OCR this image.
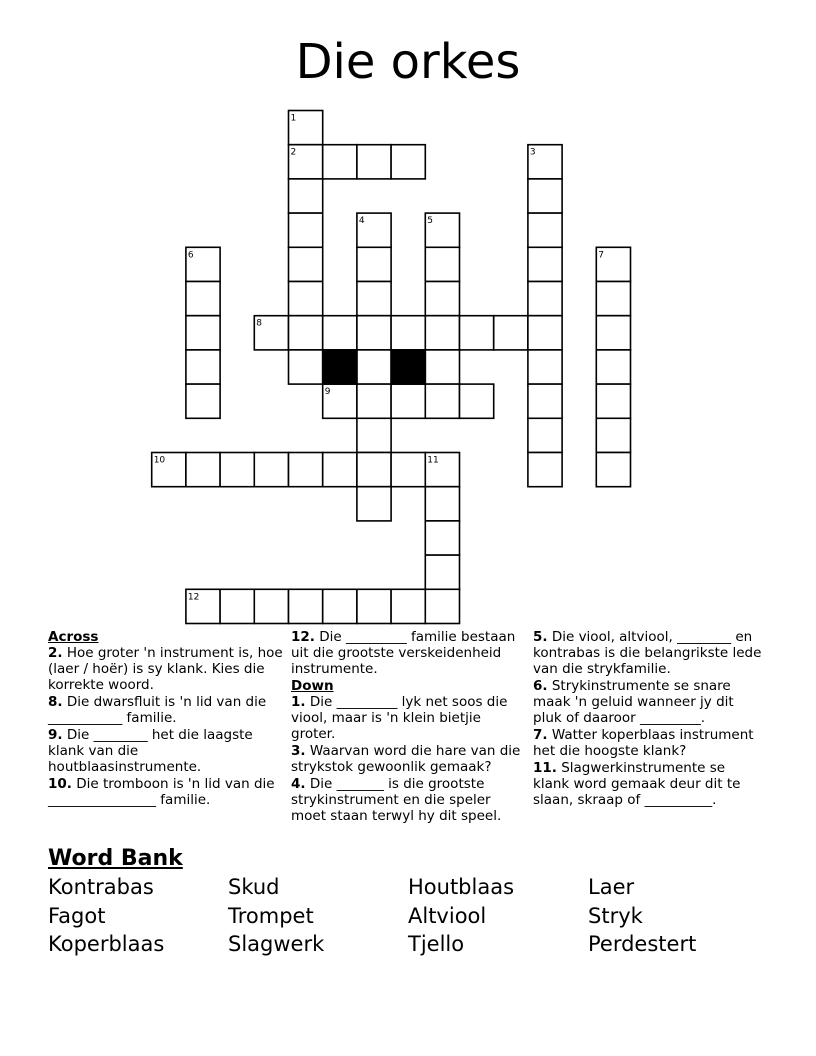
Die orkes
1
2	3
4	5
6	7
8
9
10	11
12
Across
2. Hoe groter 'n instrument is, hoe (laer / hoër) is sy klank. Kies die korrekte woord.
8. Die dwarsfluit is 'n lid van die ___________ familie.
9. Die ________ het die laagste klank van die houtblaasinstrumente.
10. Die tromboon is 'n lid van die ________________ familie.
12. Die _________ familie bestaan uit die grootste verskeidenheid instrumente.
Down
1. Die _________ lyk net soos die viool, maar is 'n klein bietjie groter.
3. Waarvan word die hare van die strykstok gewoonlik gemaak?
4. Die _______ is die grootste strykinstrument en die speler moet staan terwyl hy dit speel.
5. Die viool, altviool, ________ en kontrabas is die belangrikste lede van die strykfamilie.
6. Strykinstrumente se snare maak 'n geluid wanneer jy dit pluk of daaroor _________.
7. Watter koperblaas instrument het die hoogste klank?
11. Slagwerkinstrumente se klank word gemaak deur dit te slaan, skraap of __________.
Word Bank
Kontrabas	Skud	Houtblaas	Laer
Fagot	Trompet	Altviool	Stryk
Koperblaas	Slagwerk	Tjello	Perdestert
